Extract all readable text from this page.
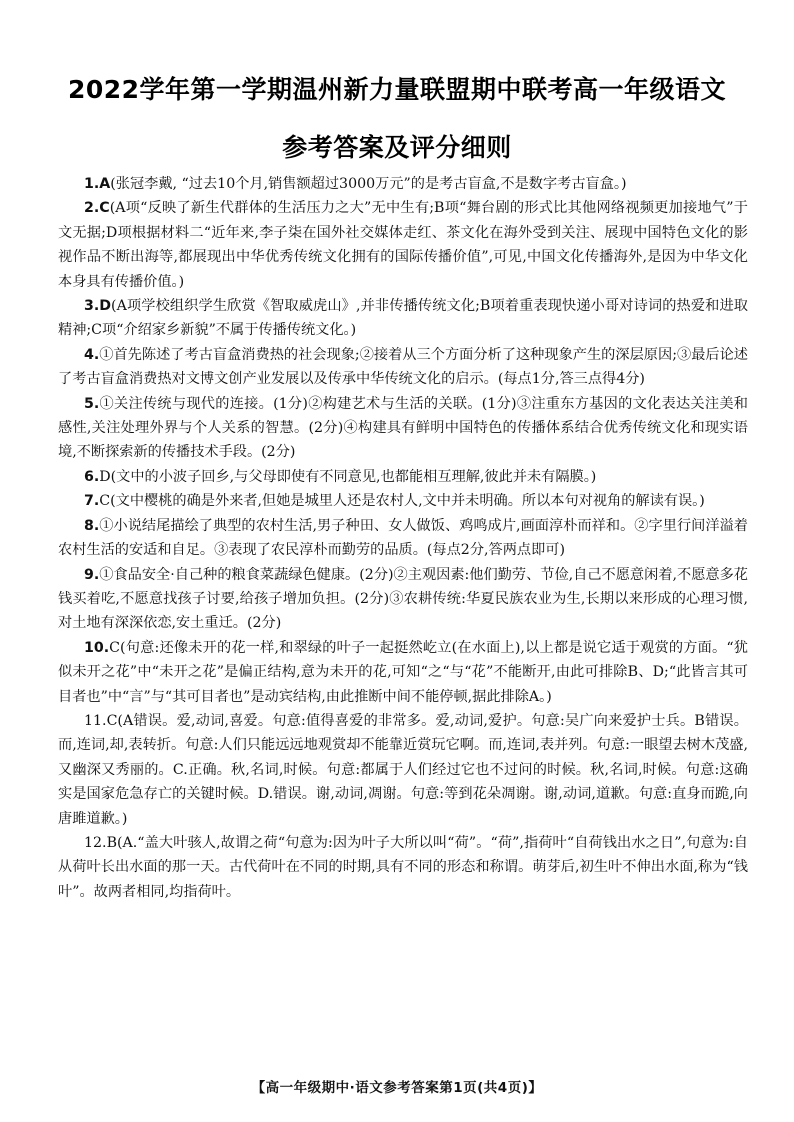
2022学年第一学期温州新力量联盟期中联考高一年级语文
参考答案及评分细则

1.A(张冠李戴, “过去10个月,销售额超过3000万元”的是考古盲盒,不是数字考古盲盒。)

2.C(A项“反映了新生代群体的生活压力之大”无中生有;B项“舞台剧的形式比其他网络视频更加接地气”于文无据;D项根据材料二“近年来,李子柒在国外社交媒体走红、茶文化在海外受到关注、展现中国特色文化的影视作品不断出海等,都展现出中华优秀传统文化拥有的国际传播价值”,可见,中国文化传播海外,是因为中华文化本身具有传播价值。)

3.D(A项学校组织学生欣赏《智取威虎山》,并非传播传统文化;B项着重表现快递小哥对诗词的热爱和进取精神;C项“介绍家乡新貌”不属于传播传统文化。)

4.①首先陈述了考古盲盒消费热的社会现象;②接着从三个方面分析了这种现象产生的深层原因;③最后论述了考古盲盒消费热对文博文创产业发展以及传承中华传统文化的启示。(每点1分,答三点得4分)

5.①关注传统与现代的连接。(1分)②构建艺术与生活的关联。(1分)③注重东方基因的文化表达关注美和感性,关注处理外界与个人关系的智慧。(2分)④构建具有鲜明中国特色的传播体系结合优秀传统文化和现实语境,不断探索新的传播技术手段。(2分)

6.D(文中的小波子回乡,与父母即使有不同意见,也都能相互理解,彼此并未有隔膜。)

7.C(文中樱桃的确是外来者,但她是城里人还是农村人,文中并未明确。所以本句对视角的解读有误。)

8.①小说结尾描绘了典型的农村生活,男子种田、女人做饭、鸡鸣成片,画面淳朴而祥和。②字里行间洋溢着农村生活的安适和自足。③表现了农民淳朴而勤劳的品质。(每点2分,答两点即可)

9.①食品安全·自己种的粮食菜蔬绿色健康。(2分)②主观因素:他们勤劳、节俭,自己不愿意闲着,不愿意多花钱买着吃,不愿意找孩子讨要,给孩子增加负担。(2分)③农耕传统:华夏民族农业为生,长期以来形成的心理习惯,对土地有深深依恋,安土重迁。(2分)

10.C(句意:还像未开的花一样,和翠绿的叶子一起挺然屹立(在水面上),以上都是说它适于观赏的方面。“犹似未开之花”中“未开之花”是偏正结构,意为未开的花,可知“之“与“花”不能断开,由此可排除B、D;“此皆言其可目者也”中“言”与“其可目者也”是动宾结构,由此推断中间不能停顿,据此排除A。)

11.C(A错误。爱,动词,喜爱。句意:值得喜爱的非常多。爱,动词,爱护。句意:吴广向来爱护士兵。B错误。而,连词,却,表转折。句意:人们只能远远地观赏却不能靠近赏玩它啊。而,连词,表并列。句意:一眼望去树木茂盛,又幽深又秀丽的。C.正确。秋,名词,时候。句意:都属于人们经过它也不过问的时候。秋,名词,时候。句意:这确实是国家危急存亡的关键时候。D.错误。谢,动词,凋谢。句意:等到花朵凋谢。谢,动词,道歉。句意:直身而跪,向唐雎道歉。)

12.B(A.“盖大叶骇人,故谓之荷“句意为:因为叶子大所以叫“荷”。“荷”,指荷叶“自荷钱出水之日”,句意为:自从荷叶长出水面的那一天。古代荷叶在不同的时期,具有不同的形态和称谓。萌芽后,初生叶不伸出水面,称为“钱叶”。故两者相同,均指荷叶。

【高一年级期中·语文参考答案第1页(共4页)】
